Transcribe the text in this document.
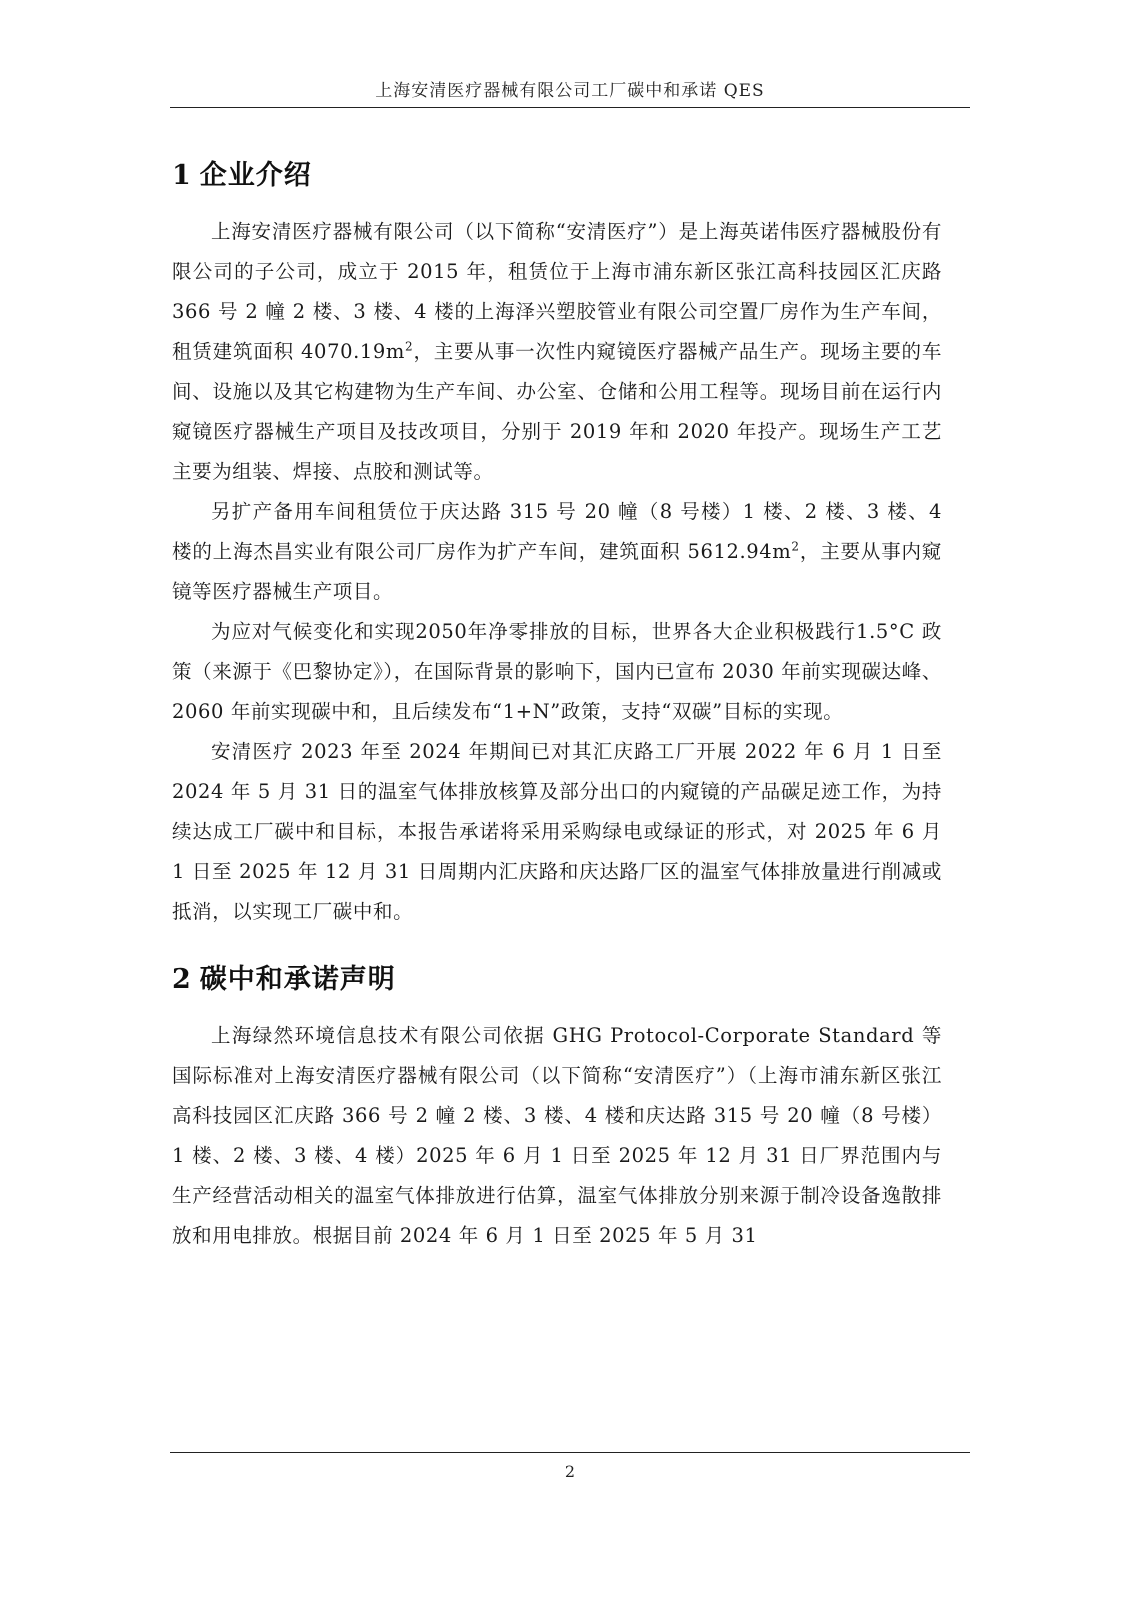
上海安清医疗器械有限公司工厂碳中和承诺 QES
1 企业介绍

上海安清医疗器械有限公司（以下简称“安清医疗”）是上海英诺伟医疗器械股份有限公司的子公司，成立于 2015 年，租赁位于上海市浦东新区张江高科技园区汇庆路 366 号 2 幢 2 楼、3 楼、4 楼的上海泽兴塑胶管业有限公司空置厂房作为生产车间，租赁建筑面积 $4070.19m^2$，主要从事一次性内窥镜医疗器械产品生产。现场主要的车间、设施以及其它构建物为生产车间、办公室、仓储和公用工程等。现场目前在运行内窥镜医疗器械生产项目及技改项目，分别于 2019 年和 2020 年投产。现场生产工艺主要为组装、焊接、点胶和测试等。

另扩产备用车间租赁位于庆达路 315 号 20 幢（8 号楼）1 楼、2 楼、3 楼、4 楼的上海杰昌实业有限公司厂房作为扩产车间，建筑面积 $5612.94m^2$，主要从事内窥镜等医疗器械生产项目。

为应对气候变化和实现2050年净零排放的目标，世界各大企业积极践行1.5°C 政策（来源于《巴黎协定》），在国际背景的影响下，国内已宣布 2030 年前实现碳达峰、2060 年前实现碳中和，且后续发布“1+N”政策，支持“双碳”目标的实现。

安清医疗 2023 年至 2024 年期间已对其汇庆路工厂开展 2022 年 6 月 1 日至 2024 年 5 月 31 日的温室气体排放核算及部分出口的内窥镜的产品碳足迹工作，为持续达成工厂碳中和目标，本报告承诺将采用采购绿电或绿证的形式，对 2025 年 6 月 1 日至 2025 年 12 月 31 日周期内汇庆路和庆达路厂区的温室气体排放量进行削减或抵消，以实现工厂碳中和。

2 碳中和承诺声明

上海绿然环境信息技术有限公司依据 GHG Protocol-Corporate Standard 等国际标准对上海安清医疗器械有限公司（以下简称“安清医疗”）（上海市浦东新区张江高科技园区汇庆路 366 号 2 幢 2 楼、3 楼、4 楼和庆达路 315 号 20 幢（8 号楼）1 楼、2 楼、3 楼、4 楼）2025 年 6 月 1 日至 2025 年 12 月 31 日厂界范围内与生产经营活动相关的温室气体排放进行估算，温室气体排放分别来源于制冷设备逸散排放和用电排放。根据目前 2024 年 6 月 1 日至 2025 年 5 月 31

2
